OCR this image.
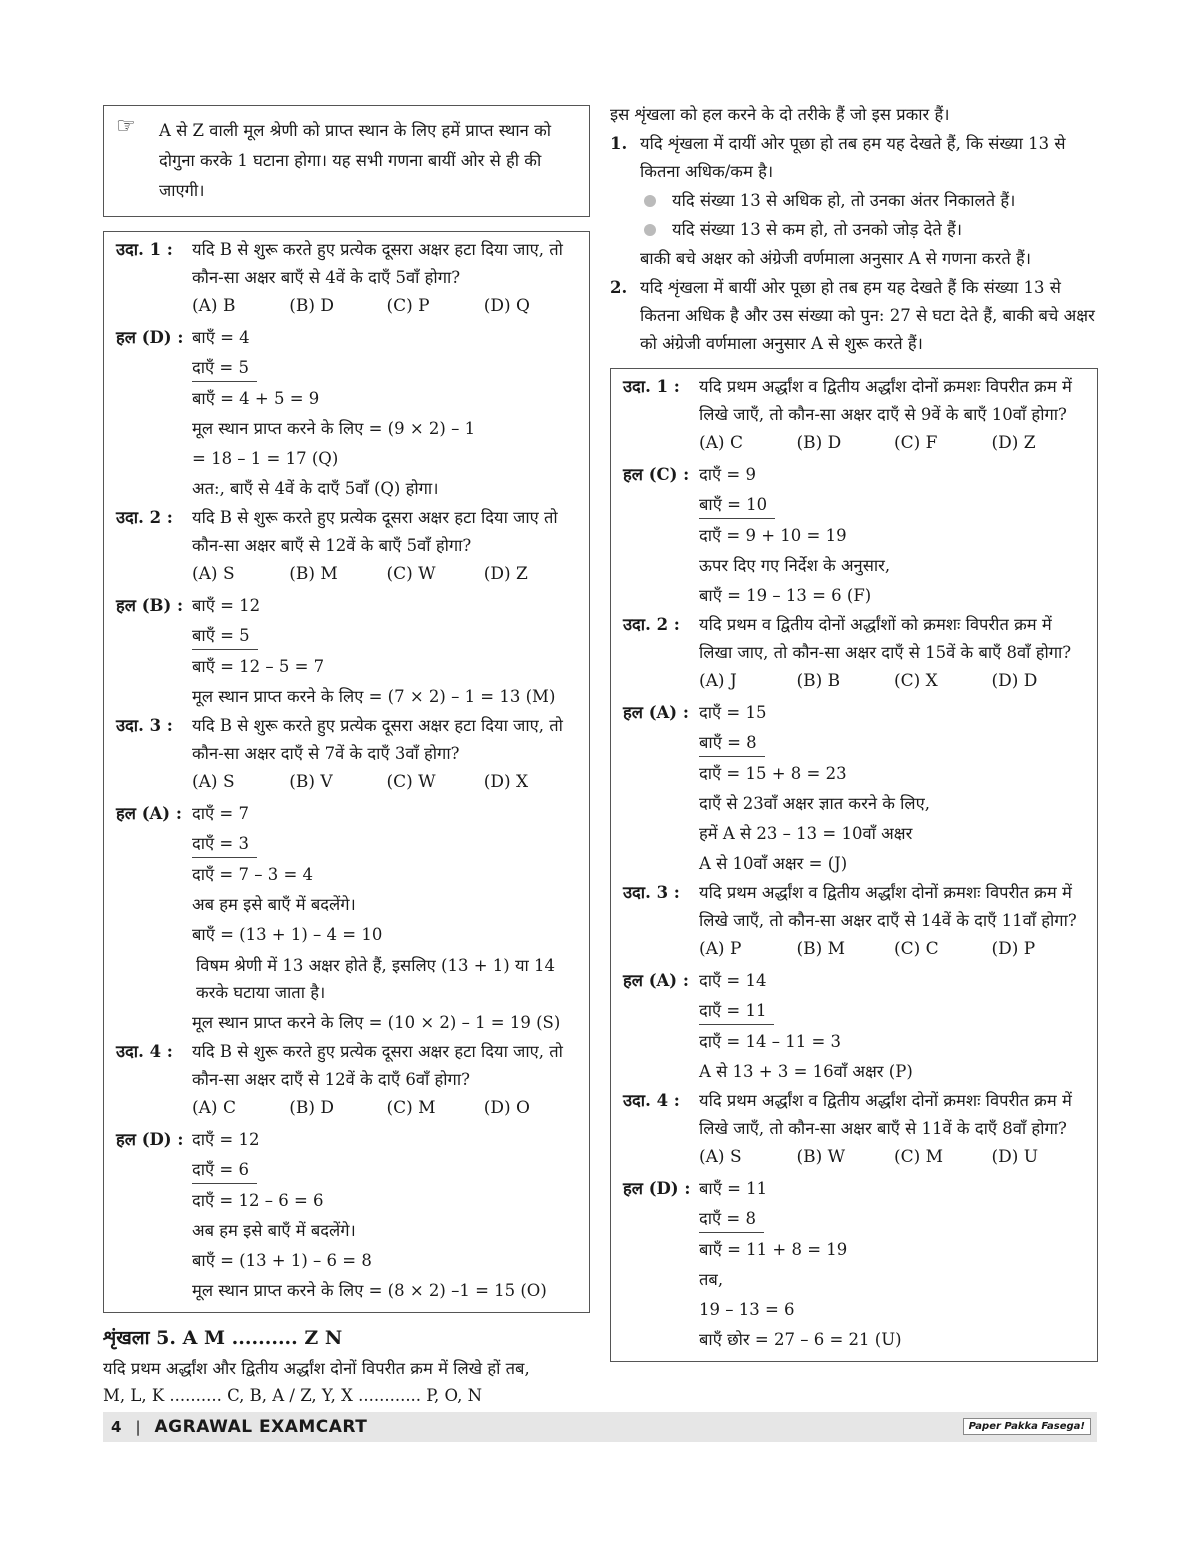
☞ A से Z वाली मूल श्रेणी को प्राप्त स्थान के लिए हमें प्राप्त स्थान को दोगुना करके 1 घटाना होगा। यह सभी गणना बायीं ओर से ही की जाएगी।
उदा. 1 :	यदि B से शुरू करते हुए प्रत्येक दूसरा अक्षर हटा दिया जाए, तो कौन-सा अक्षर बाएँ से 4वें के दाएँ 5वाँ होगा?
(A) B	(B) D	(C) P	(D) Q
हल (D) : बाएँ = 4
दाएँ = 5
बाएँ = 4 + 5 = 9
मूल स्थान प्राप्त करने के लिए = (9 × 2) – 1
= 18 – 1 = 17 (Q)
अत:, बाएँ से 4वें के दाएँ 5वाँ (Q) होगा।
उदा. 2 :	यदि B से शुरू करते हुए प्रत्येक दूसरा अक्षर हटा दिया जाए तो कौन-सा अक्षर बाएँ से 12वें के बाएँ 5वाँ होगा?
(A) S	(B) M	(C) W	(D) Z
हल (B) : बाएँ = 12
बाएँ = 5
बाएँ = 12 – 5 = 7
मूल स्थान प्राप्त करने के लिए = (7 × 2) – 1 = 13 (M)
उदा. 3 :	यदि B से शुरू करते हुए प्रत्येक दूसरा अक्षर हटा दिया जाए, तो कौन-सा अक्षर दाएँ से 7वें के दाएँ 3वाँ होगा?
(A) S	(B) V	(C) W	(D) X
हल (A) : दाएँ = 7
दाएँ = 3
दाएँ = 7 – 3 = 4
अब हम इसे बाएँ में बदलेंगे।
बाएँ = (13 + 1) – 4 = 10
विषम श्रेणी में 13 अक्षर होते हैं, इसलिए (13 + 1) या 14 करके घटाया जाता है।
मूल स्थान प्राप्त करने के लिए = (10 × 2) – 1 = 19 (S)
उदा. 4 :	यदि B से शुरू करते हुए प्रत्येक दूसरा अक्षर हटा दिया जाए, तो कौन-सा अक्षर दाएँ से 12वें के दाएँ 6वाँ होगा?
(A) C	(B) D	(C) M	(D) O
हल (D) : दाएँ = 12
दाएँ = 6
दाएँ = 12 – 6 = 6
अब हम इसे बाएँ में बदलेंगे।
बाएँ = (13 + 1) – 6 = 8
मूल स्थान प्राप्त करने के लिए = (8 × 2) –1 = 15 (O)
शृंखला 5. A M .......... Z N
यदि प्रथम अर्द्धांश और द्वितीय अर्द्धांश दोनों विपरीत क्रम में लिखे हों तब,
M, L, K .......... C, B, A / Z, Y, X ............ P, O, N
इस शृंखला को हल करने के दो तरीके हैं जो इस प्रकार हैं।
1. यदि शृंखला में दायीं ओर पूछा हो तब हम यह देखते हैं, कि संख्या 13 से कितना अधिक/कम है।
यदि संख्या 13 से अधिक हो, तो उनका अंतर निकालते हैं।
यदि संख्या 13 से कम हो, तो उनको जोड़ देते हैं।
बाकी बचे अक्षर को अंग्रेजी वर्णमाला अनुसार A से गणना करते हैं।
2. यदि शृंखला में बायीं ओर पूछा हो तब हम यह देखते हैं कि संख्या 13 से कितना अधिक है और उस संख्या को पुन: 27 से घटा देते हैं, बाकी बचे अक्षर को अंग्रेजी वर्णमाला अनुसार A से शुरू करते हैं।
उदा. 1 :	यदि प्रथम अर्द्धांश व द्वितीय अर्द्धांश दोनों क्रमशः विपरीत क्रम में लिखे जाएँ, तो कौन-सा अक्षर दाएँ से 9वें के बाएँ 10वाँ होगा?
(A) C	(B) D	(C) F	(D) Z
हल (C) : दाएँ = 9
बाएँ = 10
दाएँ = 9 + 10 = 19
ऊपर दिए गए निर्देश के अनुसार,
बाएँ = 19 – 13 = 6 (F)
उदा. 2 :	यदि प्रथम व द्वितीय दोनों अर्द्धांशों को क्रमशः विपरीत क्रम में लिखा जाए, तो कौन-सा अक्षर दाएँ से 15वें के बाएँ 8वाँ होगा?
(A) J	(B) B	(C) X	(D) D
हल (A) : दाएँ = 15
बाएँ = 8
दाएँ = 15 + 8 = 23
दाएँ से 23वाँ अक्षर ज्ञात करने के लिए,
हमें A से 23 – 13 = 10वाँ अक्षर
A से 10वाँ अक्षर = (J)
उदा. 3 :	यदि प्रथम अर्द्धांश व द्वितीय अर्द्धांश दोनों क्रमशः विपरीत क्रम में लिखे जाएँ, तो कौन-सा अक्षर दाएँ से 14वें के दाएँ 11वाँ होगा?
(A) P	(B) M	(C) C	(D) P
हल (A) : दाएँ = 14
दाएँ = 11
दाएँ = 14 – 11 = 3
A से 13 + 3 = 16वाँ अक्षर (P)
उदा. 4 :	यदि प्रथम अर्द्धांश व द्वितीय अर्द्धांश दोनों क्रमशः विपरीत क्रम में लिखे जाएँ, तो कौन-सा अक्षर बाएँ से 11वें के दाएँ 8वाँ होगा?
(A) S	(B) W	(C) M	(D) U
हल (D) : बाएँ = 11
दाएँ = 8
बाएँ = 11 + 8 = 19
तब,
19 – 13 = 6
बाएँ छोर = 27 – 6 = 21 (U)
4 | AGRAWAL EXAMCART	Paper Pakka Fasega!
